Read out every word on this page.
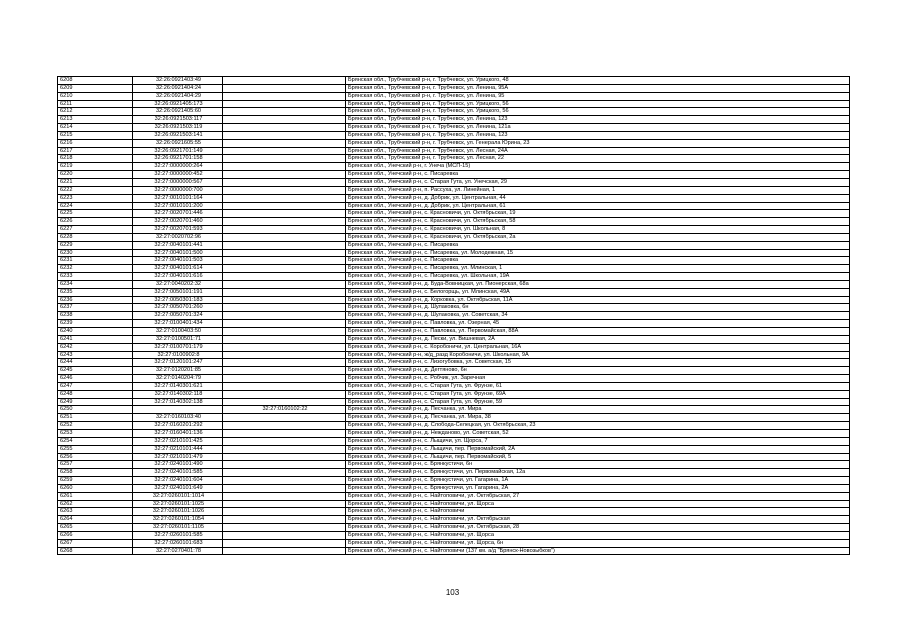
6208	32:26:0921403:49		Брянская обл., Трубчевский р-н, г. Трубчевск, ул. Урицкого, 48
6209	32:26:0921404:24		Брянская обл., Трубчевский р-н, г. Трубчевск, ул. Ленина, 95А
6210	32:26:0921404:29		Брянская обл., Трубчевский р-н, г. Трубчевск, ул. Ленина, 95
6211	32:26:0921405:173		Брянская обл., Трубчевский р-н, г. Трубчевск, ул. Урицкого, 56
6212	32:26:0921405:60		Брянская обл., Трубчевский р-н, г. Трубчевск, ул. Урицкого, 56
6213	32:26:0921503:117		Брянская обл., Трубчевский р-н, г. Трубчевск, ул. Ленина, 123
6214	32:26:0921503:119		Брянская обл., Трубчевский р-н, г. Трубчевск, ул. Ленина, 121а
6215	32:26:0921503:141		Брянская обл., Трубчевский р-н, г. Трубчевск, ул. Ленина, 123
6216	32:26:0921605:55		Брянская обл., Трубчевский р-н, г. Трубчевск, ул. Генерала Юрина, 23
6217	32:26:0921701:149		Брянская обл., Трубчевский р-н, г. Трубчевск, ул. Лесная, 24А
6218	32:26:0921701:158		Брянская обл., Трубчевский р-н, г. Трубчевск, ул. Лесная, 22
6219	32:27:0000000:264		Брянская обл., Унечский р-н, г. Унеча (МСП-15)
6220	32:27:0000000:452		Брянская обл., Унечский р-н, с. Писаревка
6221	32:27:0000000:567		Брянская обл., Унечский р-н, с. Старая Гута, ул. Унечская, 29
6222	32:27:0000000:700		Брянская обл., Унечский р-н, п. Рассуха, ул. Линейная, 1
6223	32:27:0010101:164		Брянская обл., Унечский р-н, д. Добрик, ул. Центральная, 44
6224	32:27:0010101:200		Брянская обл., Унечский р-н, д. Добрик, ул. Центральная, 61
6225	32:27:0020701:446		Брянская обл., Унечский р-н, с. Красновичи, ул. Октябрьская, 19
6226	32:27:0020701:460		Брянская обл., Унечский р-н, с. Красновичи, ул. Октябрьская, 58
6227	32:27:0020701:593		Брянская обл., Унечский р-н, с. Красновичи, ул. Школьная, 8
6228	32:27:0020702:96		Брянская обл., Унечский р-н, с. Красновичи, ул. Октябрьская, 2а
6229	32:27:0040101:441		Брянская обл., Унечский р-н, с. Писаревка
6230	32:27:0040101:500		Брянская обл., Унечский р-н, с. Писаревка, ул. Молодежная, 15
6231	32:27:0040101:503		Брянская обл., Унечский р-н, с. Писаревка
6232	32:27:0040101:614		Брянская обл., Унечский р-н, с. Писаревка, ул. Млинская, 1
6233	32:27:0040101:616		Брянская обл., Унечский р-н, с. Писаревка, ул. Школьная, 19А
6234	32:27:0040202:32		Брянская обл., Унечский р-н, д. Буда-Вовницкая, ул. Пионерская, 68а
6235	32:27:0050101:191		Брянская обл., Унечский р-н, с. Белогорщь, ул. Млинская, 49А
6236	32:27:0050301:183		Брянская обл., Унечский р-н, д. Корковка, ул. Октябрьская, 11А
6237	32:27:0050701:260		Брянская обл., Унечский р-н, д. Шулаковка, 6н
6238	32:27:0050701:324		Брянская обл., Унечский р-н, д. Шулаковка, ул. Советская, 34
6239	32:27:0100401:434		Брянская обл., Унечский р-н, с. Павловка, ул. Озерная, 45
6240	32:27:0100403:50		Брянская обл., Унечский р-н, с. Павловка, ул. Первомайская, 88А
6241	32:27:0100501:71		Брянская обл., Унечский р-н, д. Пески, ул. Вишневая, 2А
6242	32:27:0100701:179		Брянская обл., Унечский р-н, с. Коробоничи, ул. Центральная, 16А
6243	32:27:0100902:8		Брянская обл., Унечский р-н, ж/д_разд Коробоничи, ул. Школьная, 9А
6244	32:27:0120101:247		Брянская обл., Унечский р-н, с. Лизогубовка, ул. Советская, 15
6245	32:27:0120201:85		Брянская обл., Унечский р-н, д. Дегтяново, 6н
6246	32:27:0140204:79		Брянская обл., Унечский р-н, с. Робчик, ул. Заречная
6247	32:27:0140301:621		Брянская обл., Унечский р-н, с. Старая Гута, ул. Фрунзе, 61
6248	32:27:0140302:118		Брянская обл., Унечский р-н, с. Старая Гута, ул. Фрунзе, 69А
6249	32:27:0140302:138		Брянская обл., Унечский р-н, с. Старая Гута, ул. Фрунзе, 59
6250		32:27:0160102:22	Брянская обл., Унечский р-н, д. Песчанка, ул. Мира
6251	32:27:0160103:40		Брянская обл., Унечский р-н, д. Песчанка, ул. Мира, 38
6252	32:27:0160201:292		Брянская обл., Унечский р-н, д. Слобода-Селецкая, ул. Октябрьская, 23
6253	32:27:0160401:136		Брянская обл., Унечский р-н, д. Нежданово, ул. Советская, 52
6254	32:27:0210101:425		Брянская обл., Унечский р-н, с. Лыщичи, ул. Щорса, 7
6255	32:27:0210101:444		Брянская обл., Унечский р-н, с. Лыщичи, пер. Первомайский, 2А
6256	32:27:0210101:479		Брянская обл., Унечский р-н, с. Лыщичи, пер. Первомайский, 5
6257	32:27:0240101:490		Брянская обл., Унечский р-н, с. Брянкустичи, 6н
6258	32:27:0240101:585		Брянская обл., Унечский р-н, с. Брянкустичи, ул. Первомайская, 12а
6259	32:27:0240101:604		Брянская обл., Унечский р-н, с. Брянкустичи, ул. Гагарина, 1А
6260	32:27:0240101:649		Брянская обл., Унечский р-н, с. Брянкустичи, ул. Гагарина, 2А
6261	32:27:0260101:1014		Брянская обл., Унечский р-н, с. Найтоповичи, ул. Октябрьская, 27
6262	32:27:0260101:1025		Брянская обл., Унечский р-н, с. Найтоповичи, ул. Щорса
6263	32:27:0260101:1026		Брянская обл., Унечский р-н, с. Найтоповичи
6264	32:27:0260101:1054		Брянская обл., Унечский р-н, с. Найтоповичи, ул. Октябрьская
6265	32:27:0260101:1105		Брянская обл., Унечский р-н, с. Найтоповичи, ул. Октябрьская, 28
6266	32:27:0260101:585		Брянская обл., Унечский р-н, с. Найтоповичи, ул. Щорса
6267	32:27:0260101:683		Брянская обл., Унечский р-н, с. Найтоповичи, ул. Щорса, 6н
6268	32:27:0270401:78		Брянская обл., Унечский р-н, с. Найтоповичи (137 км. а/д "Брянск-Новозыбков")
103
